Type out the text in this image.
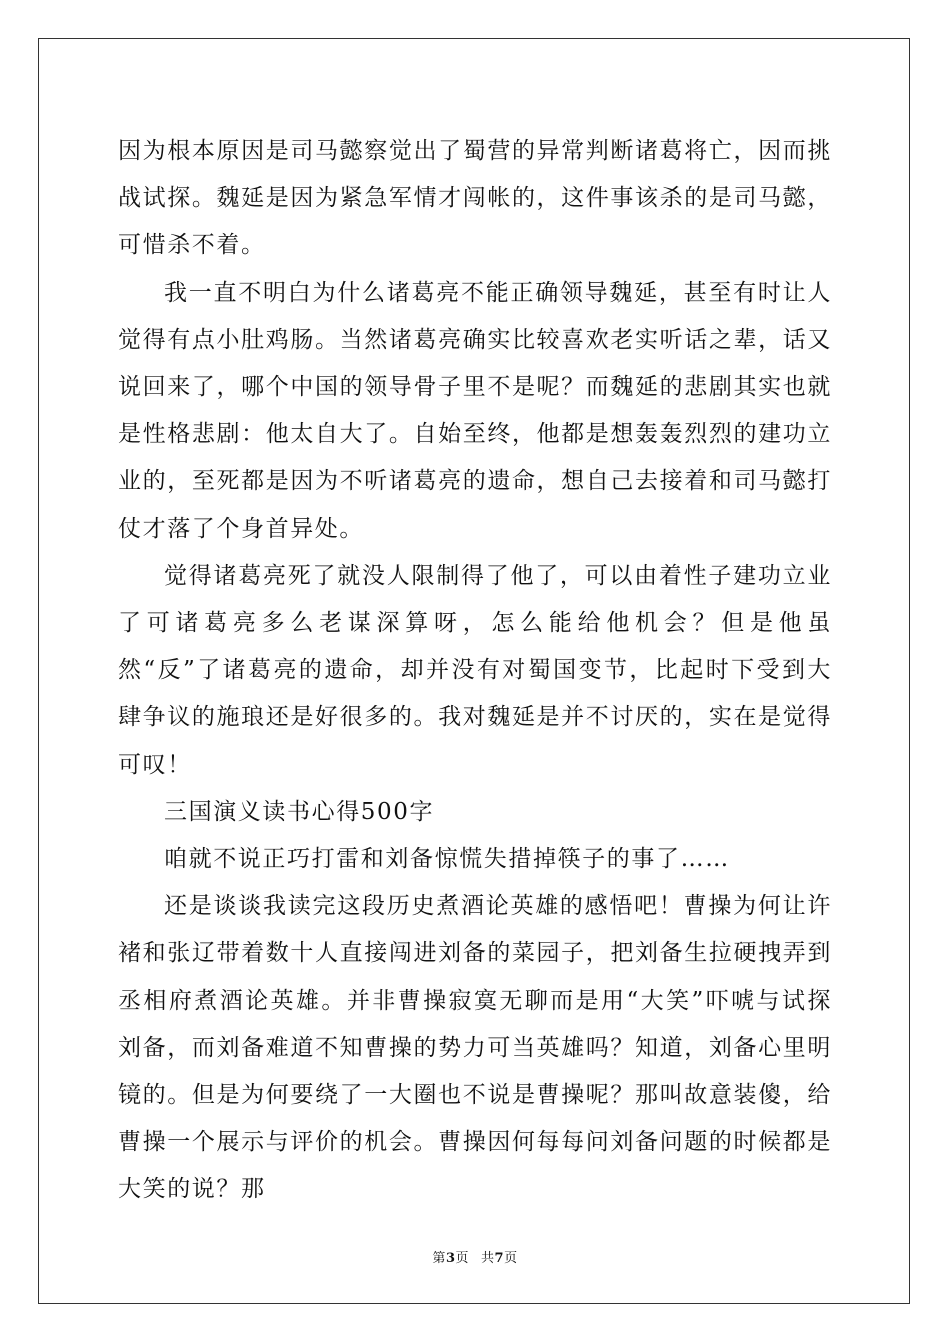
因为根本原因是司马懿察觉出了蜀营的异常判断诸葛将亡，因而挑战试探。魏延是因为紧急军情才闯帐的，这件事该杀的是司马懿，可惜杀不着。

我一直不明白为什么诸葛亮不能正确领导魏延，甚至有时让人觉得有点小肚鸡肠。当然诸葛亮确实比较喜欢老实听话之辈，话又说回来了，哪个中国的领导骨子里不是呢？而魏延的悲剧其实也就是性格悲剧：他太自大了。自始至终，他都是想轰轰烈烈的建功立业的，至死都是因为不听诸葛亮的遗命，想自己去接着和司马懿打仗才落了个身首异处。

觉得诸葛亮死了就没人限制得了他了，可以由着性子建功立业了可诸葛亮多么老谋深算呀，怎么能给他机会？但是他虽然“反”了诸葛亮的遗命，却并没有对蜀国变节，比起时下受到大肆争议的施琅还是好很多的。我对魏延是并不讨厌的，实在是觉得可叹！

三国演义读书心得500字

咱就不说正巧打雷和刘备惊慌失措掉筷子的事了……

还是谈谈我读完这段历史煮酒论英雄的感悟吧！曹操为何让许褚和张辽带着数十人直接闯进刘备的菜园子，把刘备生拉硬拽弄到丞相府煮酒论英雄。并非曹操寂寞无聊而是用“大笑”吓唬与试探刘备，而刘备难道不知曹操的势力可当英雄吗？知道，刘备心里明镜的。但是为何要绕了一大圈也不说是曹操呢？那叫故意装傻，给曹操一个展示与评价的机会。曹操因何每每问刘备问题的时候都是大笑的说？那

第3页 共7页
